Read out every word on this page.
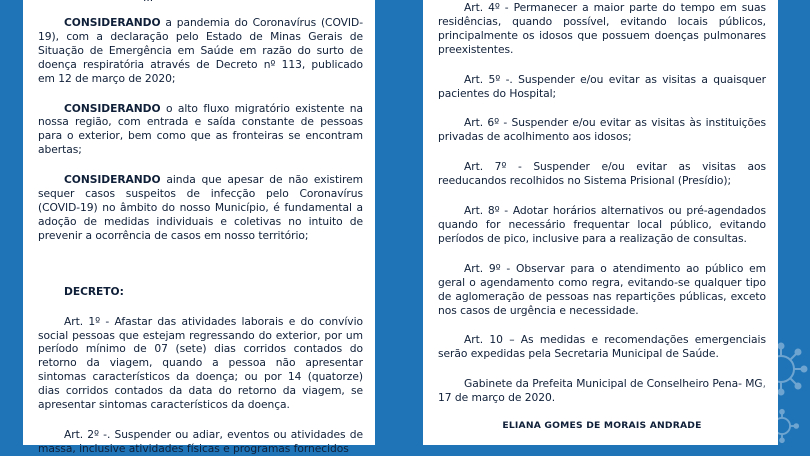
CONSIDERANDO a pandemia do Coronavírus (COVID-19), com a declaração pelo Estado de Minas Gerais de Situação de Emergência em Saúde em razão do surto de doença respiratória através de Decreto nº 113, publicado em 12 de março de 2020;

CONSIDERANDO o alto fluxo migratório existente na nossa região, com entrada e saída constante de pessoas para o exterior, bem como que as fronteiras se encontram abertas;

CONSIDERANDO ainda que apesar de não existirem sequer casos suspeitos de infecção pelo Coronavírus (COVID-19) no âmbito do nosso Município, é fundamental a adoção de medidas individuais e coletivas no intuito de prevenir a ocorrência de casos em nosso território;

DECRETO:

Art. 1º - Afastar das atividades laborais e do convívio social pessoas que estejam regressando do exterior, por um período mínimo de 07 (sete) dias corridos contados do retorno da viagem, quando a pessoa não apresentar sintomas característicos da doença; ou por 14 (quatorze) dias corridos contados da data do retorno da viagem, se apresentar sintomas característicos da doença.

Art. 2º -. Suspender ou adiar, eventos ou atividades de massa, inclusive atividades físicas e programas fornecidos

Art. 4º - Permanecer a maior parte do tempo em suas residências, quando possível, evitando locais públicos, principalmente os idosos que possuem doenças pulmonares preexistentes.

Art. 5º -. Suspender e/ou evitar as visitas a quaisquer pacientes do Hospital;

Art. 6º - Suspender e/ou evitar as visitas às instituições privadas de acolhimento aos idosos;

Art. 7º - Suspender e/ou evitar as visitas aos reeducandos recolhidos no Sistema Prisional (Presídio);

Art. 8º - Adotar horários alternativos ou pré-agendados quando for necessário frequentar local público, evitando períodos de pico, inclusive para a realização de consultas.

Art. 9º - Observar para o atendimento ao público em geral o agendamento como regra, evitando-se qualquer tipo de aglomeração de pessoas nas repartições públicas, exceto nos casos de urgência e necessidade.

Art. 10 – As medidas e recomendações emergenciais serão expedidas pela Secretaria Municipal de Saúde.

Gabinete da Prefeita Municipal de Conselheiro Pena- MG, 17 de março de 2020.

ELIANA GOMES DE MORAIS ANDRADE
